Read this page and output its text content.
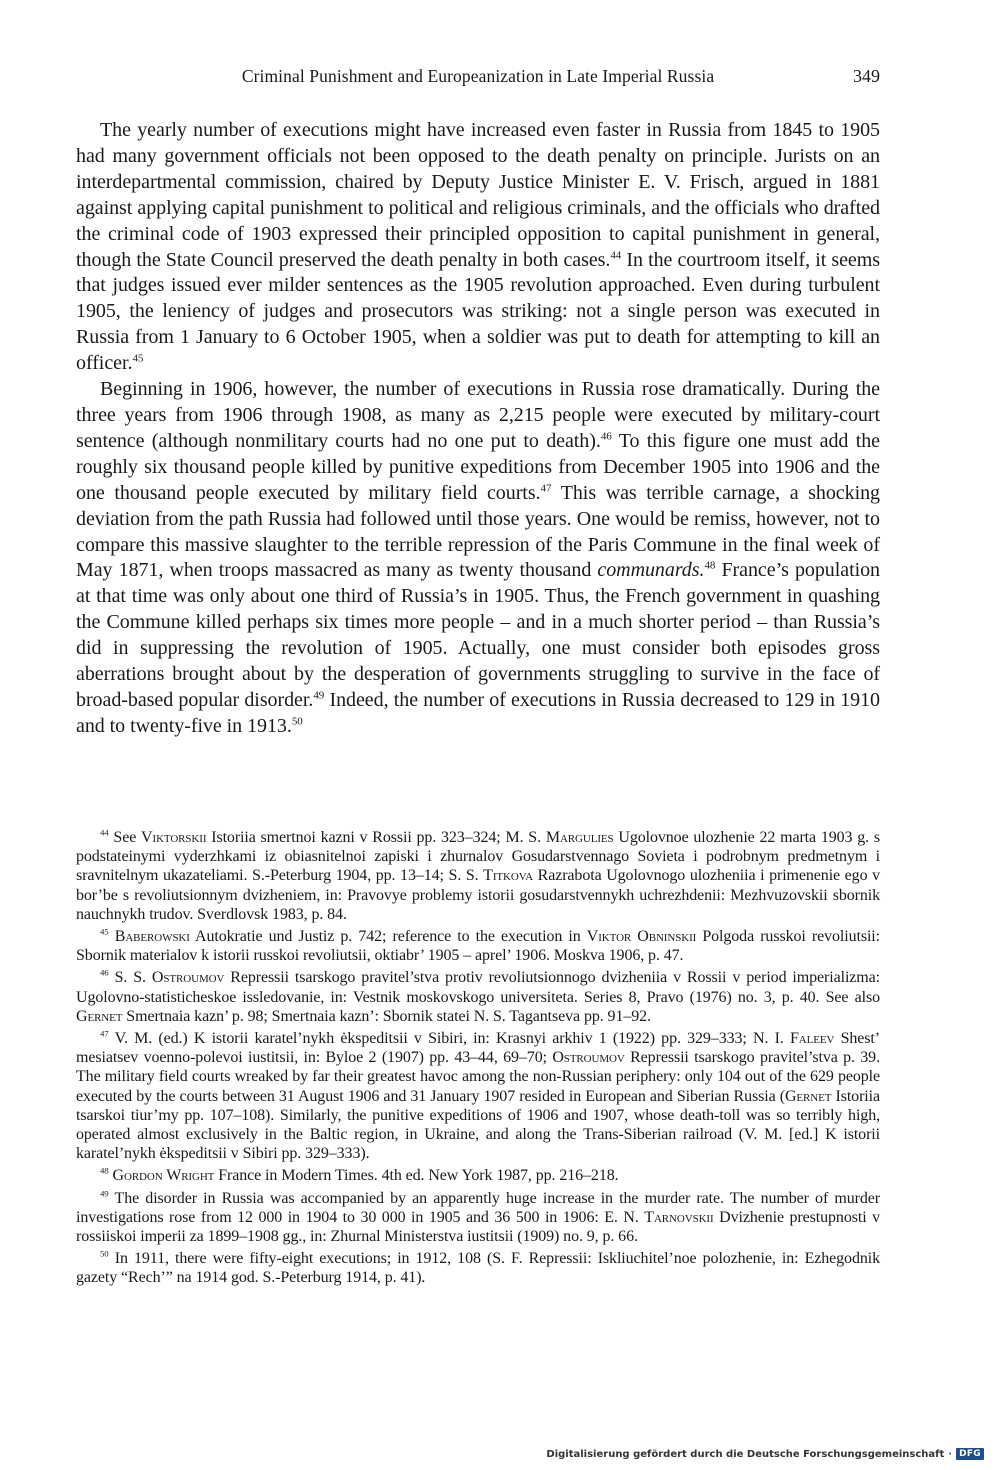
Criminal Punishment and Europeanization in Late Imperial Russia	349

The yearly number of executions might have increased even faster in Russia from 1845 to 1905 had many government officials not been opposed to the death penalty on principle. Jurists on an interdepartmental commission, chaired by Deputy Justice Minister E. V. Frisch, argued in 1881 against applying capital punishment to political and religious criminals, and the officials who drafted the criminal code of 1903 expressed their principled opposition to capital punishment in general, though the State Council preserved the death penalty in both cases.$^{44}$ In the courtroom itself, it seems that judges issued ever milder sentences as the 1905 revolution approached. Even during turbulent 1905, the leniency of judges and prosecutors was striking: not a single person was executed in Russia from 1 January to 6 October 1905, when a soldier was put to death for attempting to kill an officer.$^{45}$

Beginning in 1906, however, the number of executions in Russia rose dramatically. During the three years from 1906 through 1908, as many as 2,215 people were executed by military-court sentence (although nonmilitary courts had no one put to death).$^{46}$ To this figure one must add the roughly six thousand people killed by punitive expeditions from December 1905 into 1906 and the one thousand people executed by military field courts.$^{47}$ This was terrible carnage, a shocking deviation from the path Russia had followed until those years. One would be remiss, however, not to compare this massive slaughter to the terrible repression of the Paris Commune in the final week of May 1871, when troops massacred as many as twenty thousand communards.$^{48}$ France’s population at that time was only about one third of Russia’s in 1905. Thus, the French government in quashing the Commune killed perhaps six times more people – and in a much shorter period – than Russia’s did in suppressing the revolution of 1905. Actually, one must consider both episodes gross aberrations brought about by the desperation of governments struggling to survive in the face of broad-based popular disorder.$^{49}$ Indeed, the number of executions in Russia decreased to 129 in 1910 and to twenty-five in 1913.50

$^{44}$ See Viktorskii Istoriia smertnoi kazni v Rossii pp. 323–324; M. S. Margulies Ugolovnoe ulozhenie 22 marta 1903 g. s podstateinymi vyderzhkami iz obiasnitelnoi zapiski i zhurnalov Gosudarstvennago Sovieta i podrobnym predmetnym i sravnitelnym ukazateliami. S.-Peterburg 1904, pp. 13–14; S. S. Titkova Razrabota Ugolovnogo ulozheniia i primenenie ego v bor’be s revoliutsionnym dvizheniem, in: Pravovye problemy istorii gosudarstvennykh uchrezhdenii: Mezhvuzovskii sbornik nauchnykh trudov. Sverdlovsk 1983, p. 84.

$^{45}$ Baberowski Autokratie und Justiz p. 742; reference to the execution in Viktor Obninskii Polgoda russkoi revoliutsii: Sbornik materialov k istorii russkoi revoliutsii, oktiabr’ 1905 – aprel’ 1906. Moskva 1906, p. 47.

$^{46}$ S. S. Ostroumov Repressii tsarskogo pravitel’stva protiv revoliutsionnogo dvizheniia v Rossii v period imperializma: Ugolovno-statisticheskoe issledovanie, in: Vestnik moskovskogo universiteta. Series 8, Pravo (1976) no. 3, p. 40. See also Gernet Smertnaia kazn’ p. 98; Smertnaia kazn’: Sbornik statei N. S. Tagantseva pp. 91–92.

$^{47}$ V. M. (ed.) K istorii karatel’nykh ėkspeditsii v Sibiri, in: Krasnyi arkhiv 1 (1922) pp. 329–333; N. I. Faleev Shest’ mesiatsev voenno-polevoi iustitsii, in: Byloe 2 (1907) pp. 43–44, 69–70; Ostroumov Repressii tsarskogo pravitel’stva p. 39. The military field courts wreaked by far their greatest havoc among the non-Russian periphery: only 104 out of the 629 people executed by the courts between 31 August 1906 and 31 January 1907 resided in European and Siberian Russia (Gernet Istoriia tsarskoi tiur’my pp. 107–108). Similarly, the punitive expeditions of 1906 and 1907, whose death-toll was so terribly high, operated almost exclusively in the Baltic region, in Ukraine, and along the Trans-Siberian railroad (V. M. [ed.] K istorii karatel’nykh ėkspeditsii v Sibiri pp. 329–333).

$^{48}$ Gordon Wright France in Modern Times. 4th ed. New York 1987, pp. 216–218.

$^{49}$ The disorder in Russia was accompanied by an apparently huge increase in the murder rate. The number of murder investigations rose from 12 000 in 1904 to 30 000 in 1905 and 36 500 in 1906: E. N. Tarnovskii Dvizhenie prestupnosti v rossiiskoi imperii za 1899–1908 gg., in: Zhurnal Ministerstva iustitsii (1909) no. 9, p. 66.

$^{50}$ In 1911, there were fifty-eight executions; in 1912, 108 (S. F. Repressii: Iskliuchitel’noe polozhenie, in: Ezhegodnik gazety “Rech’” na 1914 god. S.-Peterburg 1914, p. 41).

Digitalisierung gefördert durch die Deutsche Forschungsgemeinschaft · DFG
